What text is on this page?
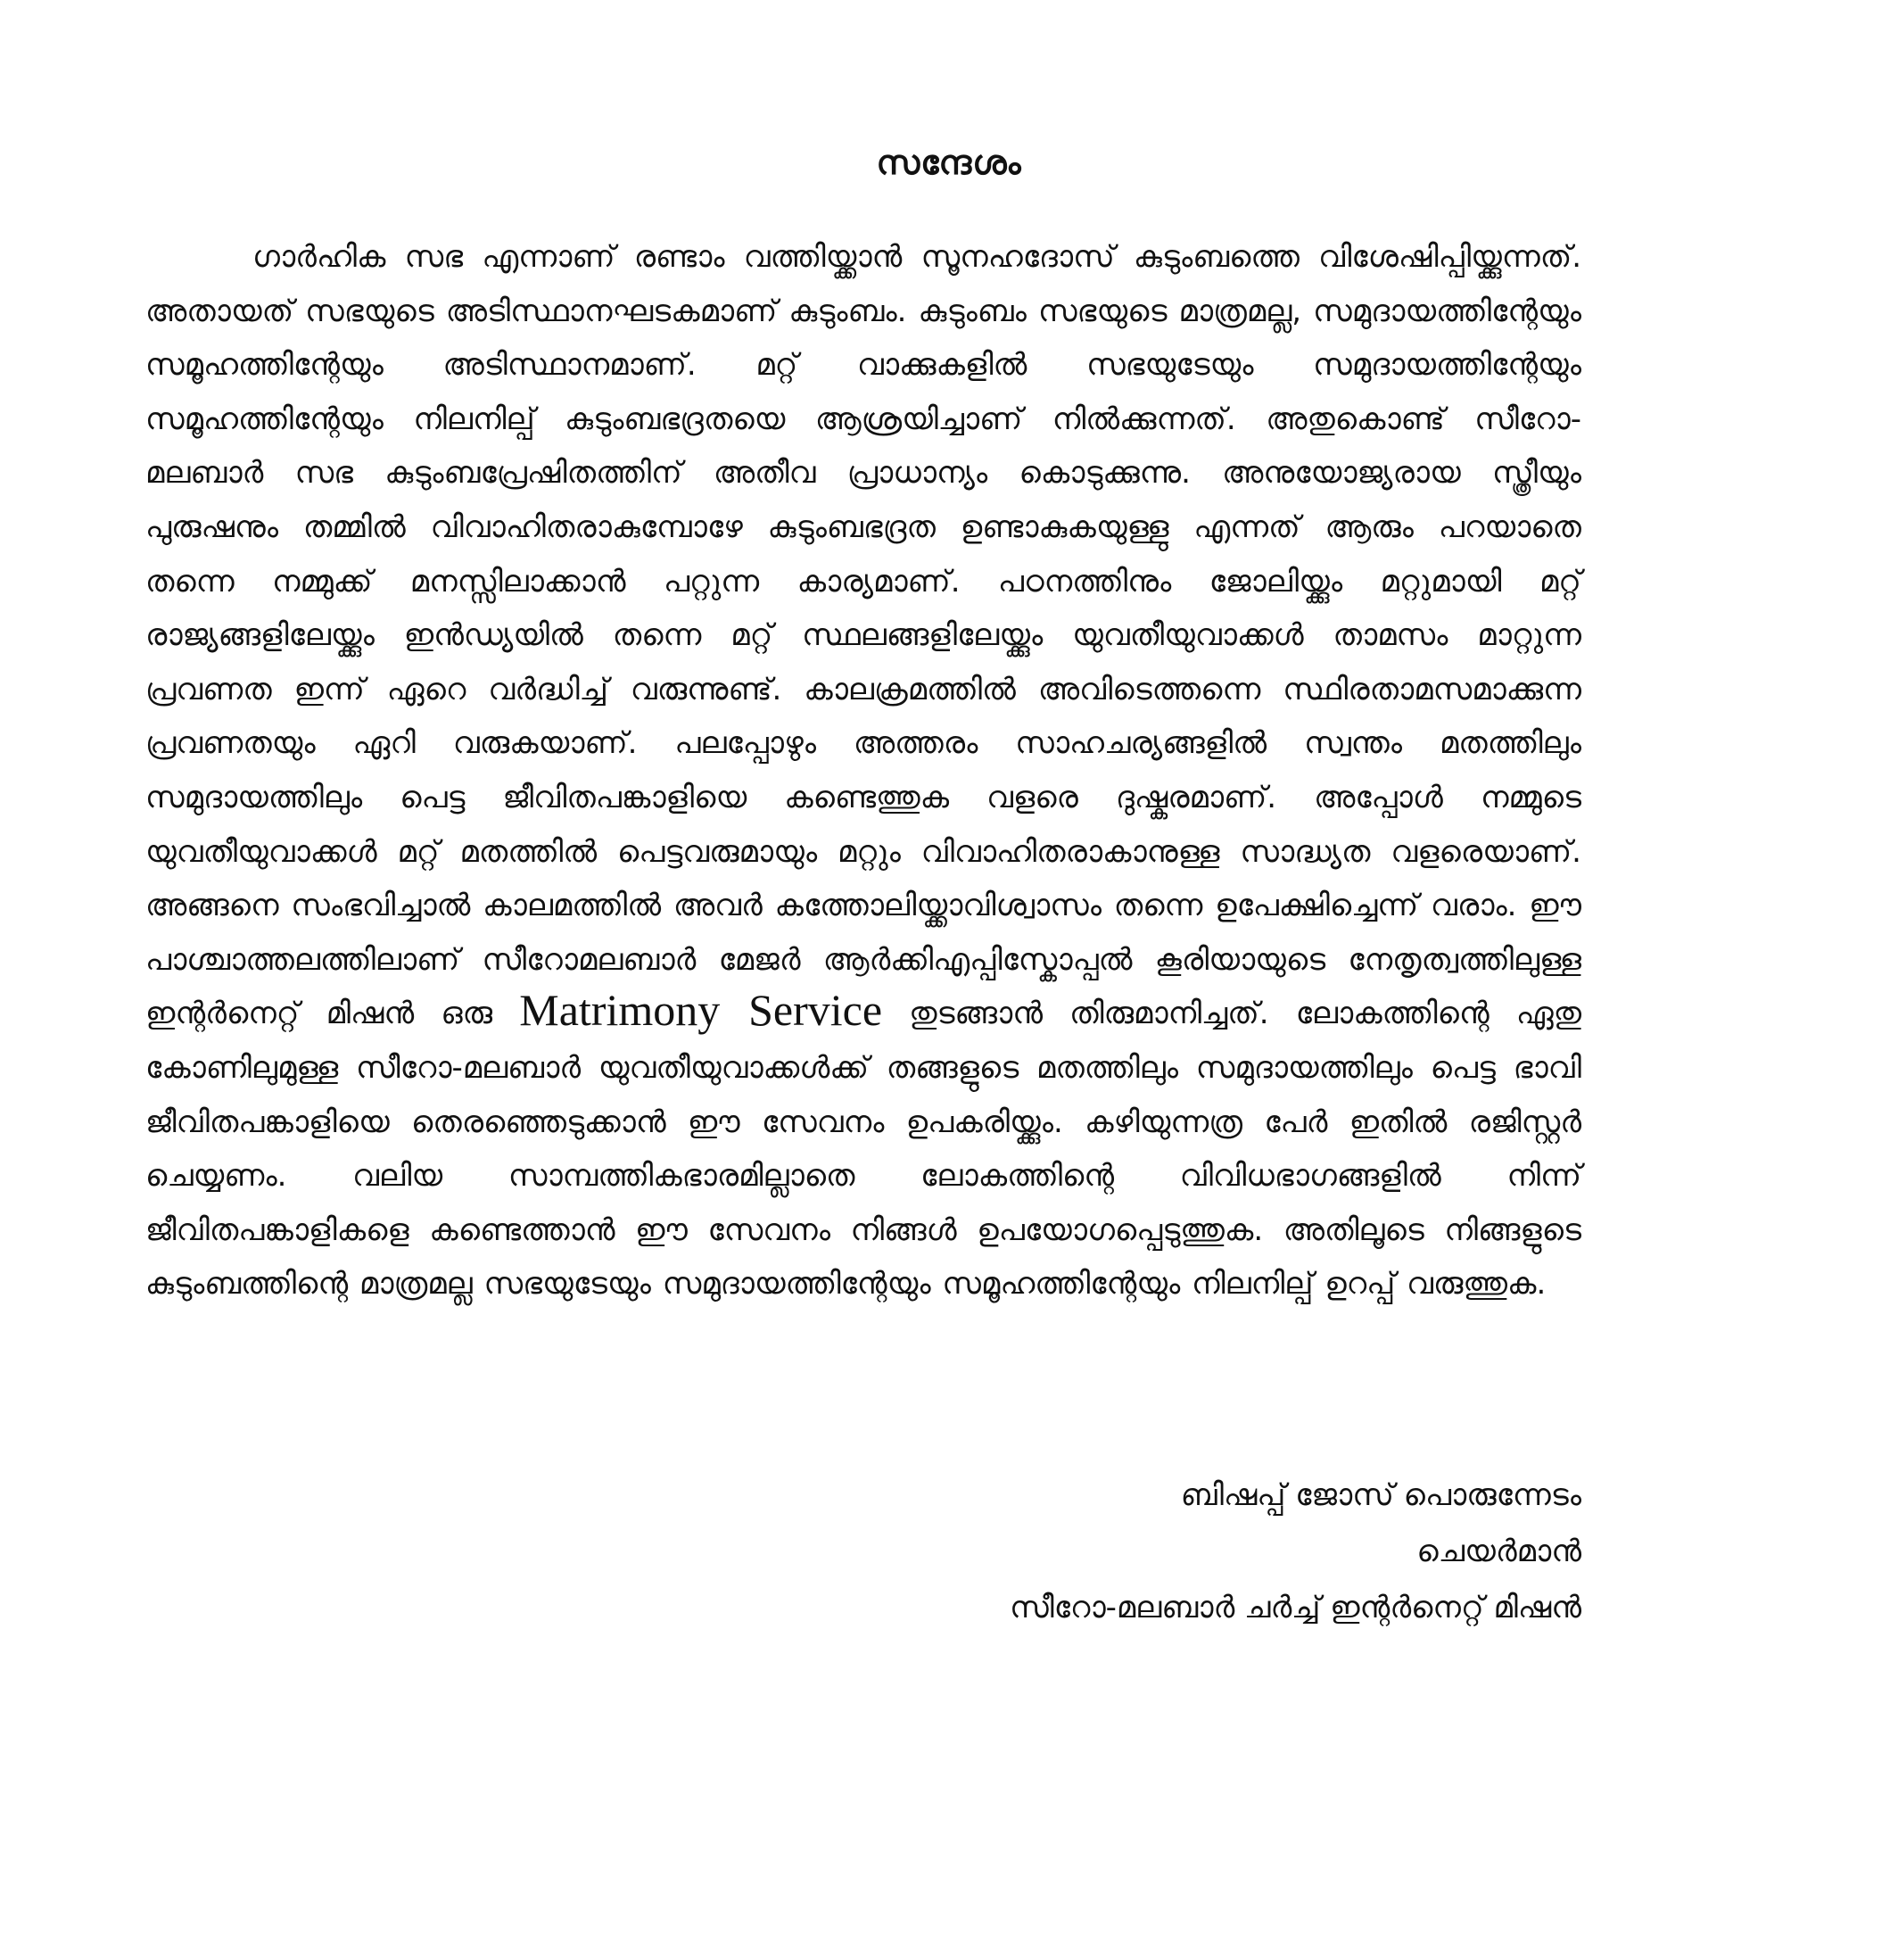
സന്ദേശം

ഗാർഹിക സഭ എന്നാണ് രണ്ടാം വത്തിയ്ക്കാൻ സൂനഹദോസ് കുടുംബത്തെ വിശേഷിപ്പിയ്ക്കുന്നത്. അതായത് സഭയുടെ അടിസ്ഥാനഘടകമാണ് കുടുംബം. കുടുംബം സഭയുടെ മാത്രമല്ല, സമുദായത്തിന്റേയും സമൂഹത്തിന്റേയും അടിസ്ഥാനമാണ്. മറ്റ് വാക്കുകളിൽ സഭയുടേയും സമുദായത്തിന്റേയും സമൂഹത്തിന്റേയും നിലനില്പ് കുടുംബഭദ്രതയെ ആശ്രയിച്ചാണ് നിൽക്കുന്നത്. അതുകൊണ്ട് സീറോ-മലബാർ സഭ കുടുംബപ്രേഷിതത്തിന് അതീവ പ്രാധാന്യം കൊടുക്കുന്നു. അനുയോജ്യരായ സ്ത്രീയും പുരുഷനും തമ്മിൽ വിവാഹിതരാകുമ്പോഴേ കുടുംബഭദ്രത ഉണ്ടാകുകയുള്ളു എന്നത് ആരും പറയാതെ തന്നെ നമ്മുക്ക് മനസ്സിലാക്കാൻ പറ്റുന്ന കാര്യമാണ്. പഠനത്തിനും ജോലിയ്ക്കും മറ്റുമായി മറ്റ് രാജ്യങ്ങളിലേയ്ക്കും ഇൻഡ്യയിൽ തന്നെ മറ്റ് സ്ഥലങ്ങളിലേയ്ക്കും യുവതീയുവാക്കൾ താമസം മാറ്റുന്ന പ്രവണത ഇന്ന് ഏറെ വർദ്ധിച്ച് വരുന്നുണ്ട്. കാലക്രമത്തിൽ അവിടെത്തന്നെ സ്ഥിരതാമസമാക്കുന്ന പ്രവണതയും ഏറി വരുകയാണ്. പലപ്പോഴും അത്തരം സാഹചര്യങ്ങളിൽ സ്വന്തം മതത്തിലും സമുദായത്തിലും പെട്ട ജീവിതപങ്കാളിയെ കണ്ടെത്തുക വളരെ ദുഷ്കരമാണ്. അപ്പോൾ നമ്മുടെ യുവതീയുവാക്കൾ മറ്റ് മതത്തിൽ പെട്ടവരുമായും മറ്റും വിവാഹിതരാകാനുള്ള സാദ്ധ്യത വളരെയാണ്. അങ്ങനെ സംഭവിച്ചാൽ കാലമത്തിൽ അവർ കത്തോലിയ്ക്കാവിശ്വാസം തന്നെ ഉപേക്ഷിച്ചെന്ന് വരാം. ഈ പാശ്ചാത്തലത്തിലാണ് സീറോമലബാർ മേജർ ആർക്കിഎപ്പിസ്കോപ്പൽ കൂരിയായുടെ നേതൃത്വത്തിലുള്ള ഇന്റർനെറ്റ് മിഷൻ ഒരു Matrimony Service തുടങ്ങാൻ തിരുമാനിച്ചത്. ലോകത്തിന്റെ ഏതു കോണിലുമുള്ള സീറോ-മലബാർ യുവതീയുവാക്കൾക്ക് തങ്ങളുടെ മതത്തിലും സമുദായത്തിലും പെട്ട ഭാവി ജീവിതപങ്കാളിയെ തെരഞ്ഞെടുക്കാൻ ഈ സേവനം ഉപകരിയ്ക്കും. കഴിയുന്നത്ര പേർ ഇതിൽ രജിസ്റ്റർ ചെയ്യണം. വലിയ സാമ്പത്തികഭാരമില്ലാതെ ലോകത്തിന്റെ വിവിധഭാഗങ്ങളിൽ നിന്ന് ജീവിതപങ്കാളികളെ കണ്ടെത്താൻ ഈ സേവനം നിങ്ങൾ ഉപയോഗപ്പെടുത്തുക. അതിലൂടെ നിങ്ങളുടെ കുടുംബത്തിന്റെ മാത്രമല്ല സഭയുടേയും സമുദായത്തിന്റേയും സമൂഹത്തിന്റേയും നിലനില്പ് ഉറപ്പ് വരുത്തുക.

ബിഷപ്പ് ജോസ് പൊരുന്നേടം
ചെയർമാൻ
സീറോ-മലബാർ ചർച്ച് ഇന്റർനെറ്റ് മിഷൻ
